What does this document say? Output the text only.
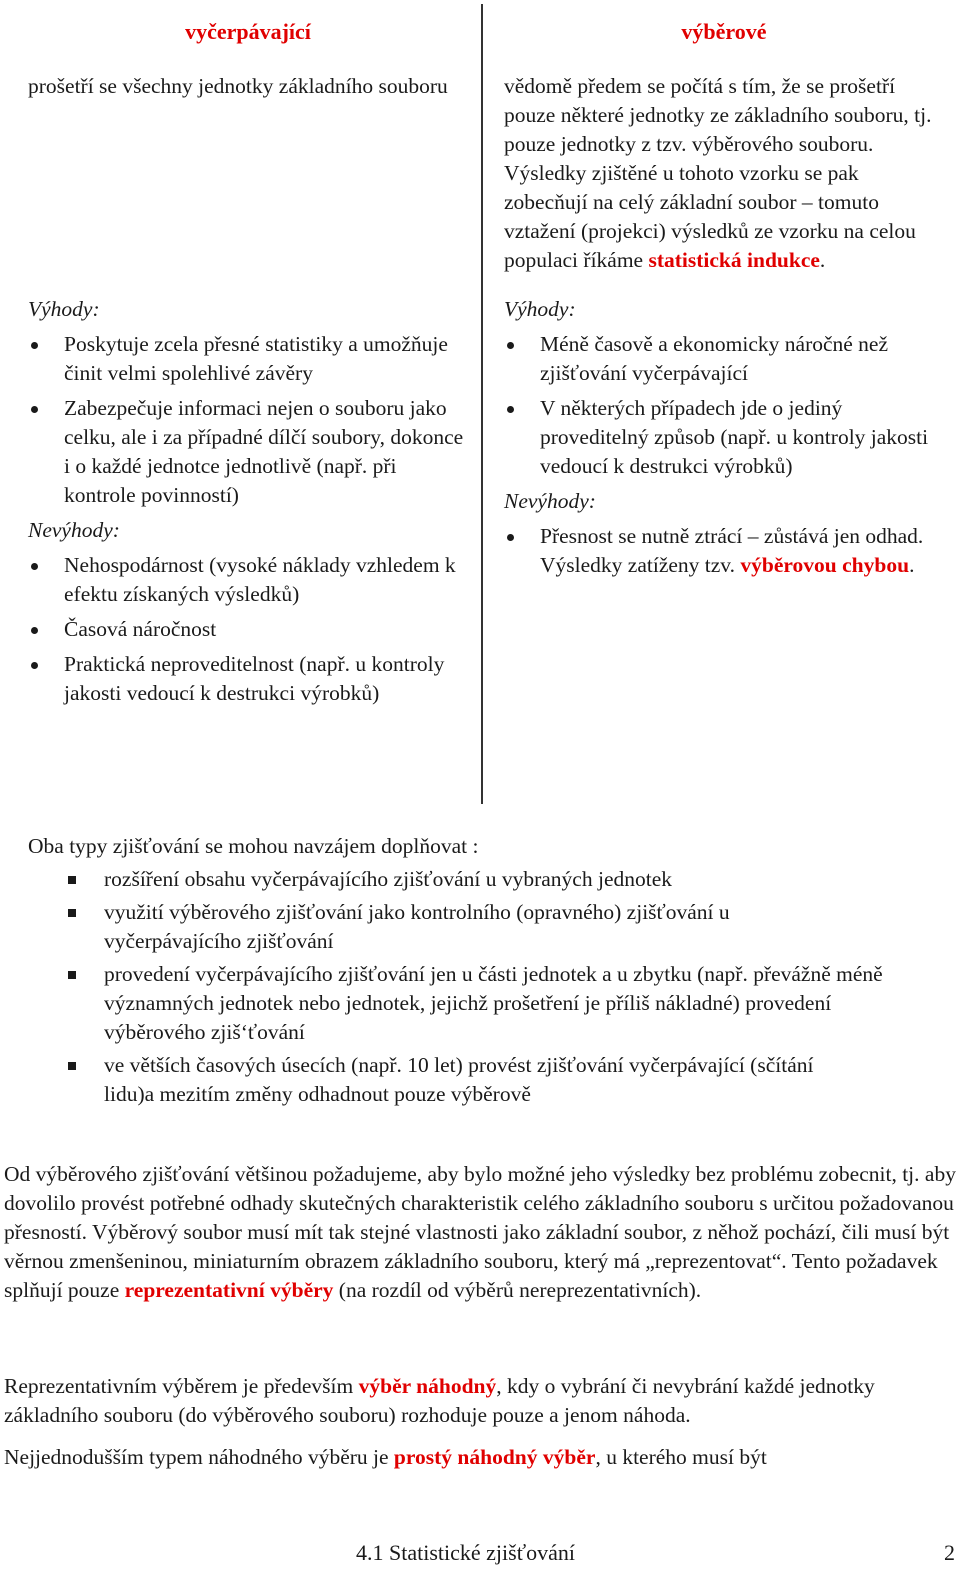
vyčerpávající

prošetří se všechny jednotky základního souboru

Výhody:
Poskytuje zcela přesné statistiky a umožňuje činit velmi spolehlivé závěry
Zabezpečuje informaci nejen o souboru jako celku, ale i za případné dílčí soubory, dokonce i o každé jednotce jednotlivě (např. při kontrole povinností)
Nevýhody:
Nehospodárnost (vysoké náklady vzhledem k efektu získaných výsledků)
Časová náročnost
Praktická neproveditelnost (např. u kontroly jakosti vedoucí k destrukci výrobků)
výběrové

vědomě předem se počítá s tím, že se prošetří pouze některé jednotky ze základního souboru, tj. pouze jednotky z tzv. výběrového souboru. Výsledky zjištěné u tohoto vzorku se pak zobecňují na celý základní soubor – tomuto vztažení (projekci) výsledků ze vzorku na celou populaci říkáme statistická indukce.

Výhody:
Méně časově a ekonomicky náročné než zjišťování vyčerpávající
V některých případech jde o jediný proveditelný způsob (např. u kontroly jakosti vedoucí k destrukci výrobků)
Nevýhody:
Přesnost se nutně ztrácí – zůstává jen odhad.
Výsledky zatíženy tzv. výběrovou chybou.
Oba typy zjišťování se mohou navzájem doplňovat :
rozšíření obsahu vyčerpávajícího zjišťování u vybraných jednotek
využití výběrového zjišťování jako kontrolního (opravného) zjišťování u vyčerpávajícího zjišťování
provedení vyčerpávajícího zjišťování jen u části jednotek a u zbytku (např. převážně méně významných jednotek nebo jednotek, jejichž prošetření je příliš nákladné) provedení výběrového zjiš‘ťování
ve větších časových úsecích (např. 10 let) provést zjišťování vyčerpávající (sčítání lidu)a mezitím změny odhadnout pouze výběrově

Od výběrového zjišťování většinou požadujeme, aby bylo možné jeho výsledky bez problému zobecnit, tj. aby dovolilo provést potřebné odhady skutečných charakteristik celého základního souboru s určitou požadovanou přesností. Výběrový soubor musí mít tak stejné vlastnosti jako základní soubor, z něhož pochází, čili musí být věrnou zmenšeninou, miniaturním obrazem základního souboru, který má „reprezentovat“. Tento požadavek splňují pouze reprezentativní výběry (na rozdíl od výběrů nereprezentativních).

Reprezentativním výběrem je především výběr náhodný, kdy o vybrání či nevybrání každé jednotky základního souboru (do výběrového souboru) rozhoduje pouze a jenom náhoda.

Nejjednodušším typem náhodného výběru je prostý náhodný výběr, u kterého musí být

4.1 Statistické zjišťování	2
